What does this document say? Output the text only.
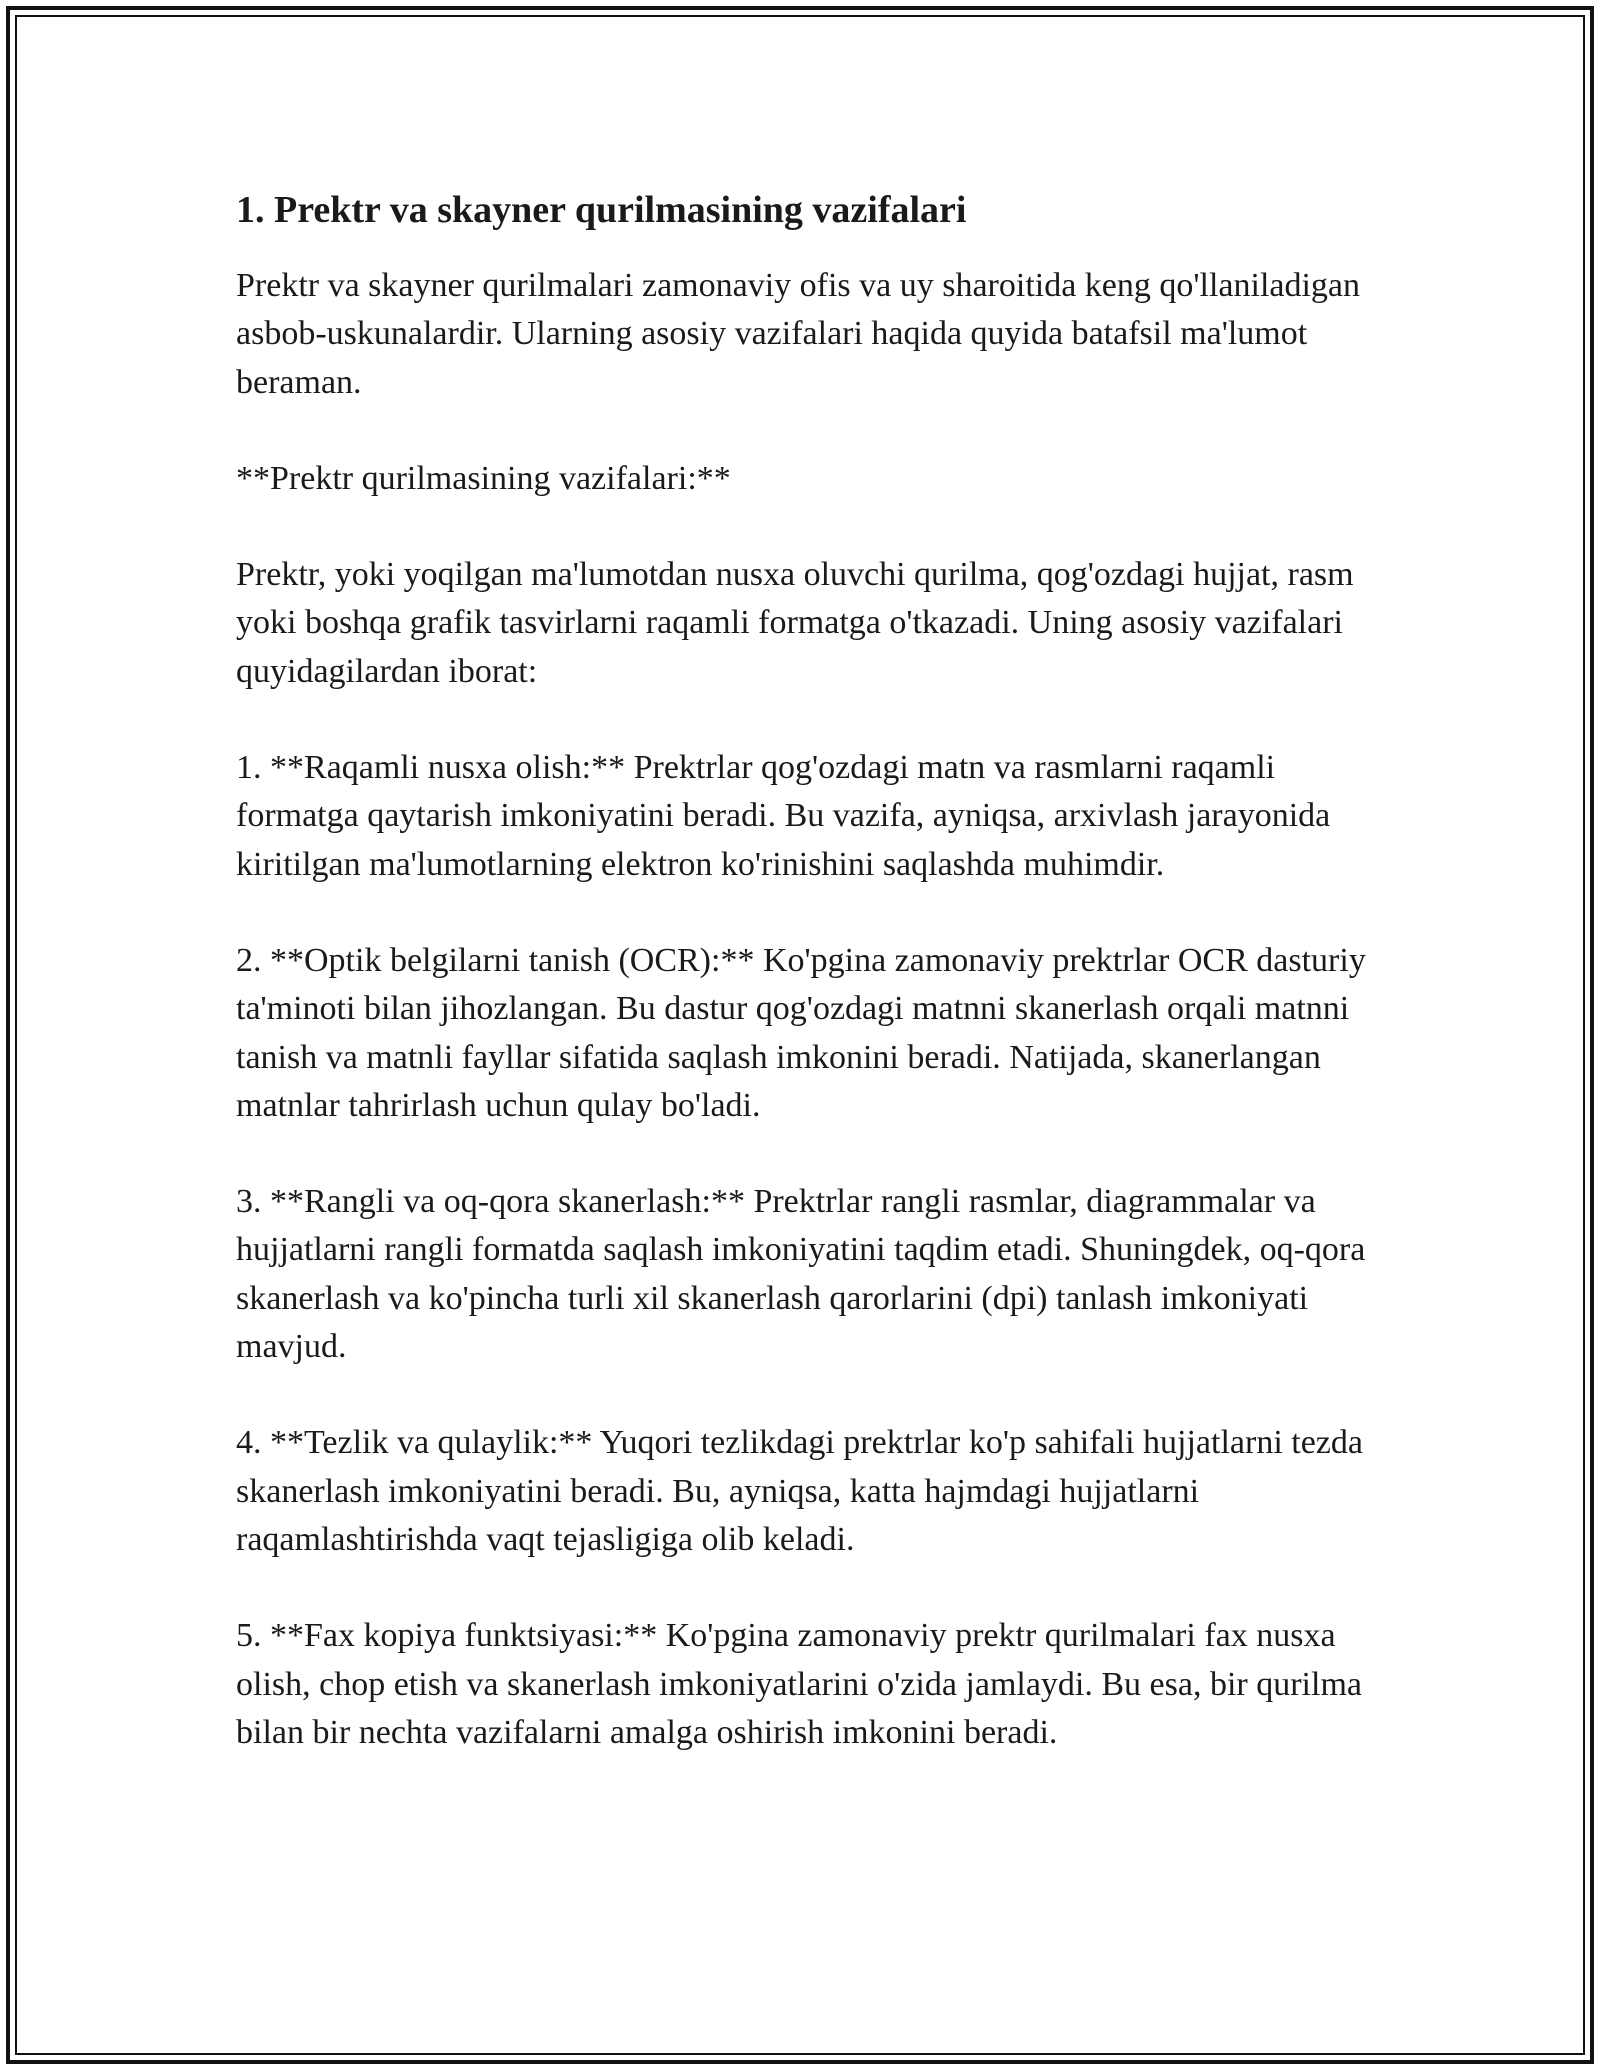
1. Prektr va skayner qurilmasining vazifalari

Prektr va skayner qurilmalari zamonaviy ofis va uy sharoitida keng qo'llaniladigan asbob-uskunalardir. Ularning asosiy vazifalari haqida quyida batafsil ma'lumot beraman.

**Prektr qurilmasining vazifalari:**

Prektr, yoki yoqilgan ma'lumotdan nusxa oluvchi qurilma, qog'ozdagi hujjat, rasm yoki boshqa grafik tasvirlarni raqamli formatga o'tkazadi. Uning asosiy vazifalari quyidagilardan iborat:

1. **Raqamli nusxa olish:** Prektrlar qog'ozdagi matn va rasmlarni raqamli formatga qaytarish imkoniyatini beradi. Bu vazifa, ayniqsa, arxivlash jarayonida kiritilgan ma'lumotlarning elektron ko'rinishini saqlashda muhimdir.

2. **Optik belgilarni tanish (OCR):** Ko'pgina zamonaviy prektrlar OCR dasturiy ta'minoti bilan jihozlangan. Bu dastur qog'ozdagi matnni skanerlash orqali matnni tanish va matnli fayllar sifatida saqlash imkonini beradi. Natijada, skanerlangan matnlar tahrirlash uchun qulay bo'ladi.

3. **Rangli va oq-qora skanerlash:** Prektrlar rangli rasmlar, diagrammalar va hujjatlarni rangli formatda saqlash imkoniyatini taqdim etadi. Shuningdek, oq-qora skanerlash va ko'pincha turli xil skanerlash qarorlarini (dpi) tanlash imkoniyati mavjud.

4. **Tezlik va qulaylik:** Yuqori tezlikdagi prektrlar ko'p sahifali hujjatlarni tezda skanerlash imkoniyatini beradi. Bu, ayniqsa, katta hajmdagi hujjatlarni raqamlashtirishda vaqt tejasligiga olib keladi.

5. **Fax kopiya funktsiyasi:** Ko'pgina zamonaviy prektr qurilmalari fax nusxa olish, chop etish va skanerlash imkoniyatlarini o'zida jamlaydi. Bu esa, bir qurilma bilan bir nechta vazifalarni amalga oshirish imkonini beradi.
